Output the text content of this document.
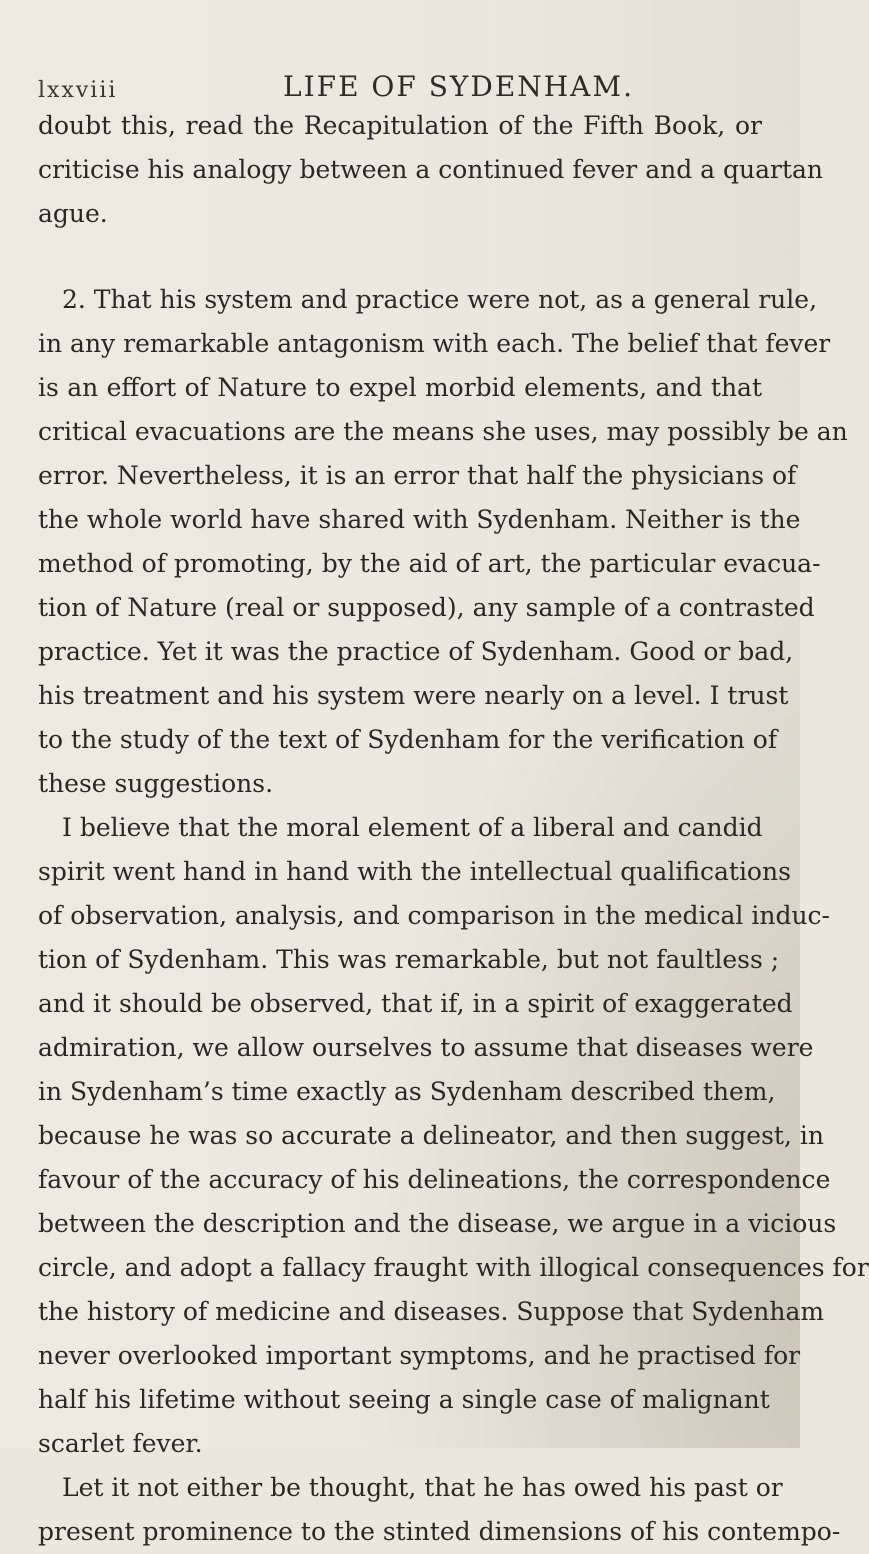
lxxviii	LIFE OF SYDENHAM.
doubt this, read the Recapitulation of the Fifth Book, or
criticise his analogy between a continued fever and a quartan
ague.
2. That his system and practice were not, as a general rule,
in any remarkable antagonism with each. The belief that fever
is an effort of Nature to expel morbid elements, and that
critical evacuations are the means she uses, may possibly be an
error. Nevertheless, it is an error that half the physicians of
the whole world have shared with Sydenham. Neither is the
method of promoting, by the aid of art, the particular evacua-
tion of Nature (real or supposed), any sample of a contrasted
practice. Yet it was the practice of Sydenham. Good or bad,
his treatment and his system were nearly on a level. I trust
to the study of the text of Sydenham for the verification of
these suggestions.
I believe that the moral element of a liberal and candid
spirit went hand in hand with the intellectual qualifications
of observation, analysis, and comparison in the medical induc-
tion of Sydenham. This was remarkable, but not faultless ;
and it should be observed, that if, in a spirit of exaggerated
admiration, we allow ourselves to assume that diseases were
in Sydenham’s time exactly as Sydenham described them,
because he was so accurate a delineator, and then suggest, in
favour of the accuracy of his delineations, the correspondence
between the description and the disease, we argue in a vicious
circle, and adopt a fallacy fraught with illogical consequences for
the history of medicine and diseases. Suppose that Sydenham
never overlooked important symptoms, and he practised for
half his lifetime without seeing a single case of malignant
scarlet fever.
Let it not either be thought, that he has owed his past or
present prominence to the stinted dimensions of his contempo-
